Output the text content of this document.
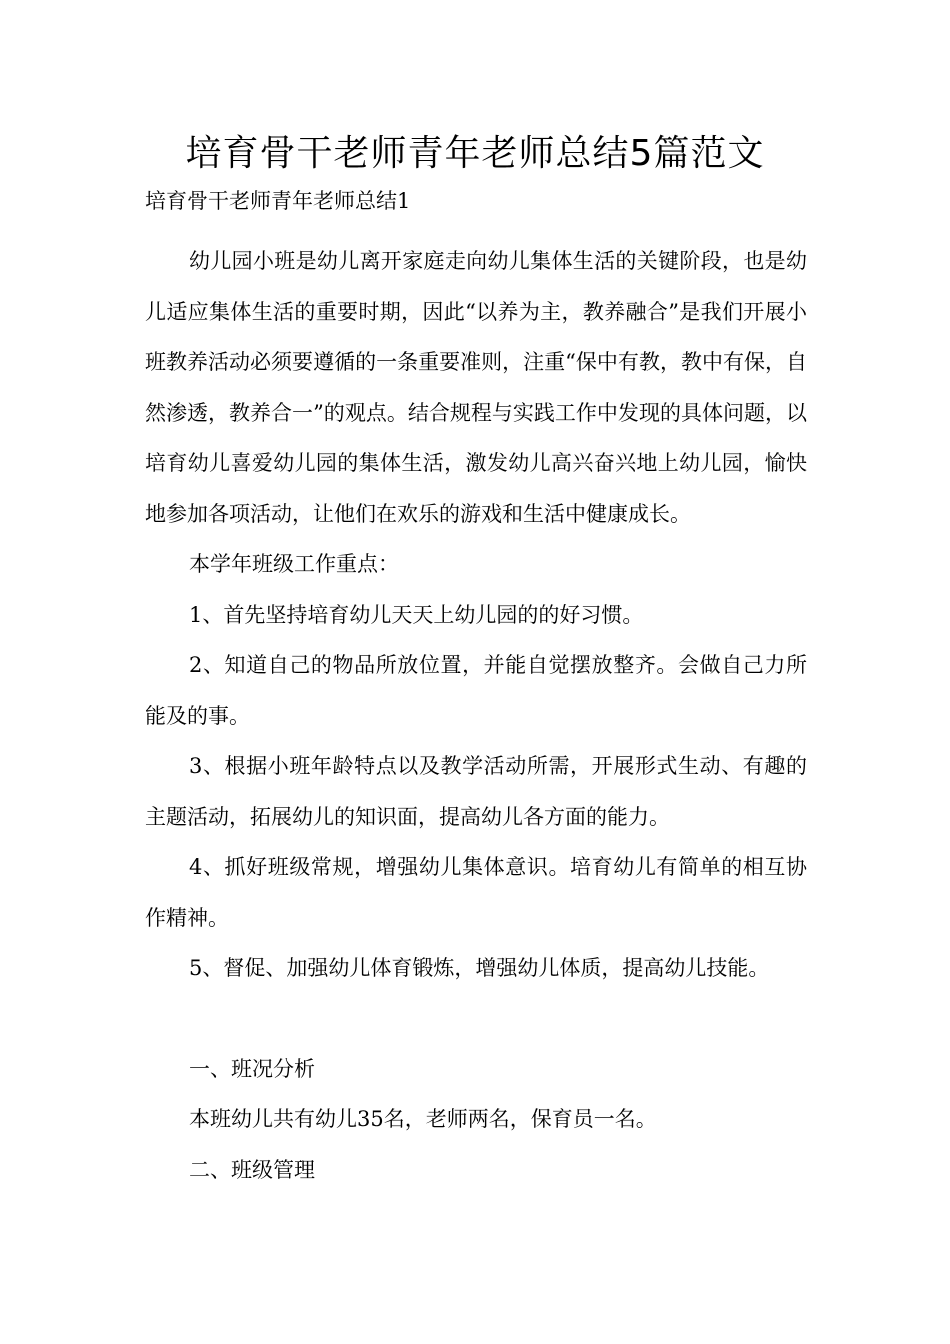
培育骨干老师青年老师总结5篇范文

培育骨干老师青年老师总结1

幼儿园小班是幼儿离开家庭走向幼儿集体生活的关键阶段，也是幼儿适应集体生活的重要时期，因此“以养为主，教养融合”是我们开展小班教养活动必须要遵循的一条重要准则，注重“保中有教，教中有保，自然渗透，教养合一”的观点。结合规程与实践工作中发现的具体问题，以培育幼儿喜爱幼儿园的集体生活，激发幼儿高兴奋兴地上幼儿园，愉快地参加各项活动，让他们在欢乐的游戏和生活中健康成长。

本学年班级工作重点：

1、首先坚持培育幼儿天天上幼儿园的的好习惯。

2、知道自己的物品所放位置，并能自觉摆放整齐。会做自己力所能及的事。

3、根据小班年龄特点以及教学活动所需，开展形式生动、有趣的主题活动，拓展幼儿的知识面，提高幼儿各方面的能力。

4、抓好班级常规，增强幼儿集体意识。培育幼儿有简单的相互协作精神。

5、督促、加强幼儿体育锻炼，增强幼儿体质，提高幼儿技能。

一、班况分析

本班幼儿共有幼儿35名，老师两名，保育员一名。

二、班级管理
